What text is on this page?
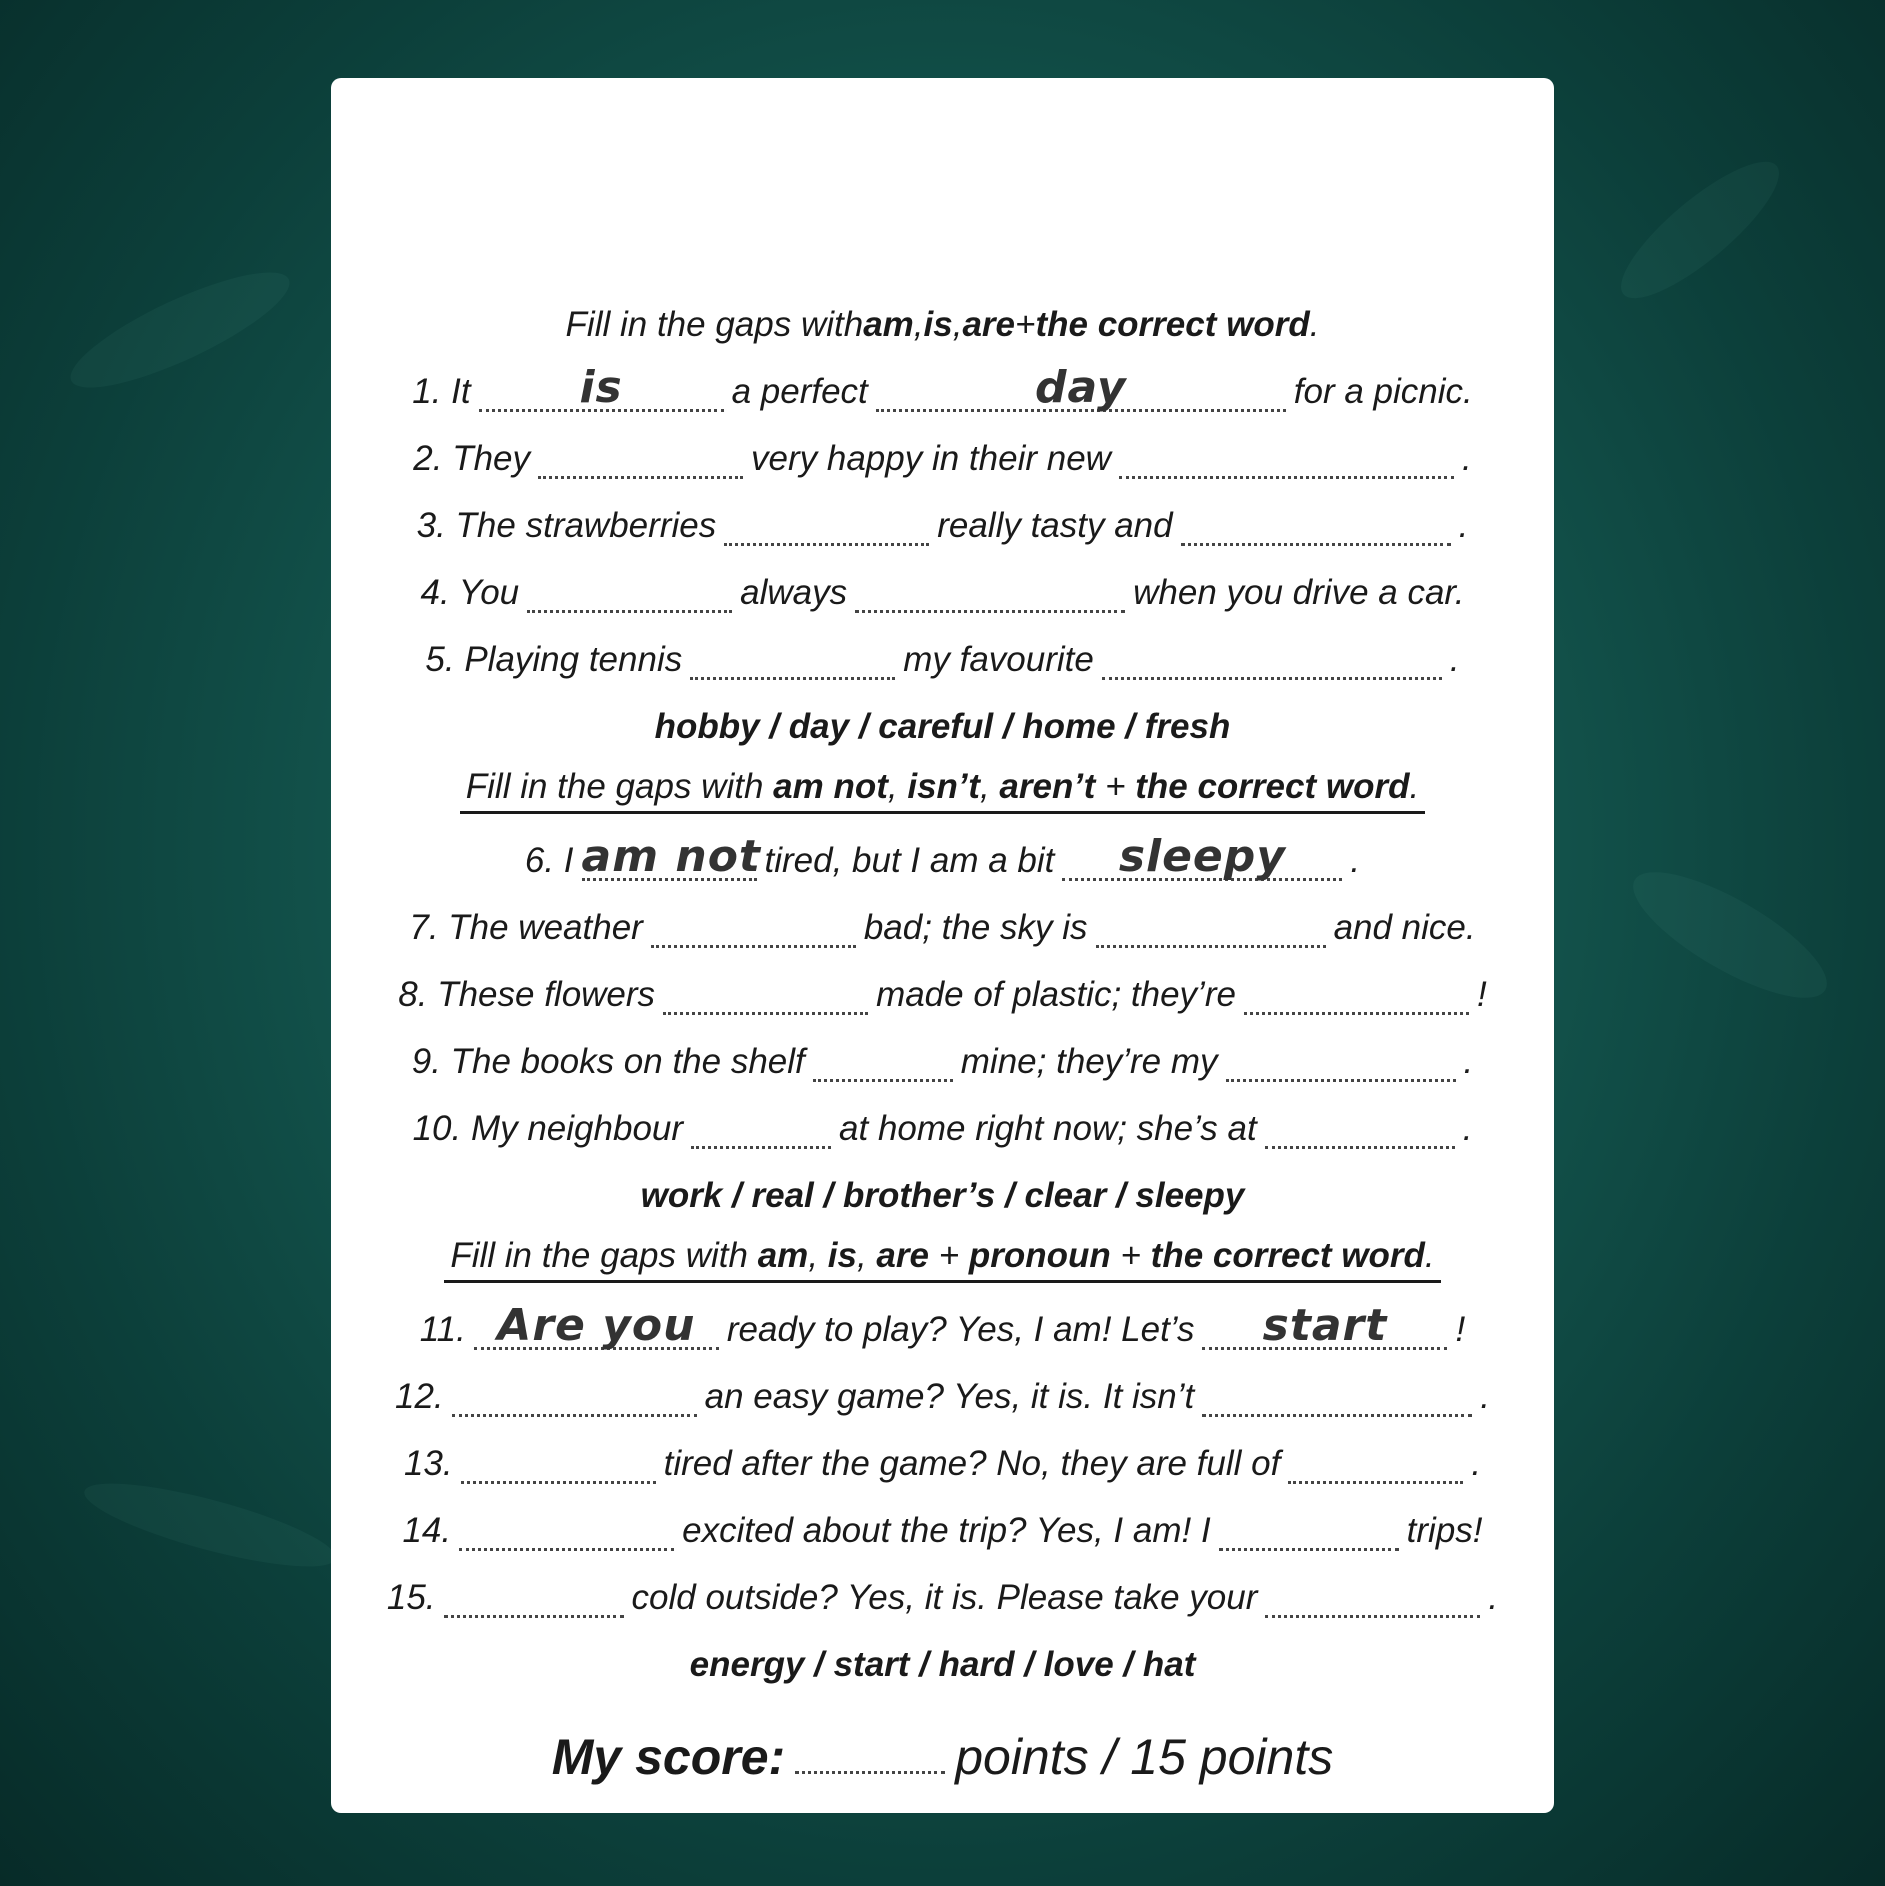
Fill in the gaps with am , is , are + the correct word .
1. It	is	a perfect	day	for a picnic.
2. They	very happy in their new	.
3. The strawberries	really tasty and	.
4. You	always	when you drive a car.
5. Playing tennis	my favourite	.
hobby / day / careful / home / fresh
Fill in the gaps with am not, isn’t, aren’t + the correct word.
6. I am not tired, but I am a bit	sleepy	.
7. The weather	bad; the sky is	and nice.
8. These flowers	made of plastic; they’re	!
9. The books on the shelf	mine; they’re my	.
10. My neighbour	at home right now; she’s at	.
work / real / brother’s / clear / sleepy
Fill in the gaps with am, is, are + pronoun + the correct word.
11. Are you ready to play? Yes, I am! Let’s	start	!
12.	an easy game? Yes, it is. It isn’t	.
13.	tired after the game? No, they are full of	.
14.	excited about the trip? Yes, I am! I	trips!
15.	cold outside? Yes, it is. Please take your	.
energy / start / hard / love / hat
My score:	points / 15 points
